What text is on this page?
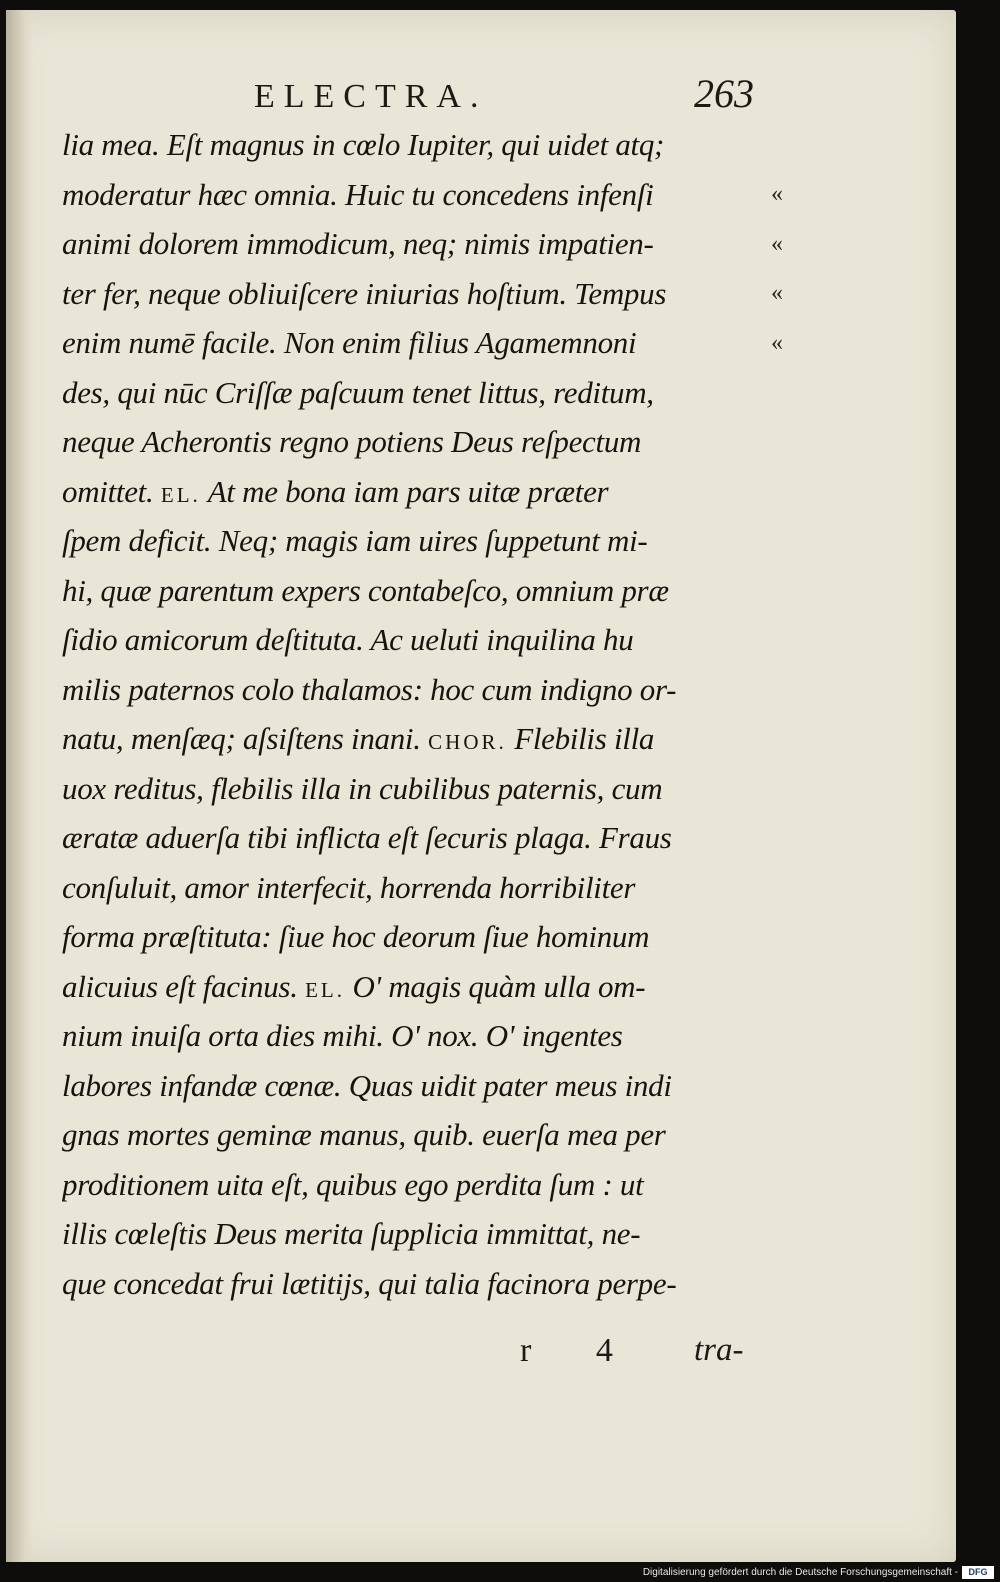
ELECTRA.	263
lia mea. Eſt magnus in cœlo Iupiter, qui uidet atq;
moderatur hæc omnia. Huic tu concedens infenſi
animi dolorem immodicum, neq; nimis impatien-
ter fer, neque obliuiſcere iniurias hoſtium. Tempus
enim numē facile. Non enim filius Agamemnoni
des, qui nūc Criſſæ paſcuum tenet littus, reditum,
neque Acherontis regno potiens Deus reſpectum
omittet. EL. At me bona iam pars uitæ præter
ſpem deficit. Neq; magis iam uires ſuppetunt mi-
hi, quæ parentum expers contabeſco, omnium præ
ſidio amicorum deſtituta. Ac ueluti inquilina hu
milis paternos colo thalamos: hoc cum indigno or-
natu, menſæq; aſsiſtens inani. CHOR. Flebilis illa
uox reditus, flebilis illa in cubilibus paternis, cum
æratæ aduerſa tibi inflicta eſt ſecuris plaga. Fraus
conſuluit, amor interfecit, horrenda horribiliter
forma præſtituta: ſiue hoc deorum ſiue hominum
alicuius eſt facinus. EL. O' magis quàm ulla om-
nium inuiſa orta dies mihi. O' nox. O' ingentes
labores infandæ cœnæ. Quas uidit pater meus indi
gnas mortes geminæ manus, quib. euerſa mea per
proditionem uita eſt, quibus ego perdita ſum : ut
illis cœleſtis Deus merita ſupplicia immittat, ne-
que concedat frui lætitijs, qui talia facinora perpe-
«
«
«
«
r 4 tra-
Digitalisierung gefördert durch die Deutsche Forschungsgemeinschaft -	DFG
